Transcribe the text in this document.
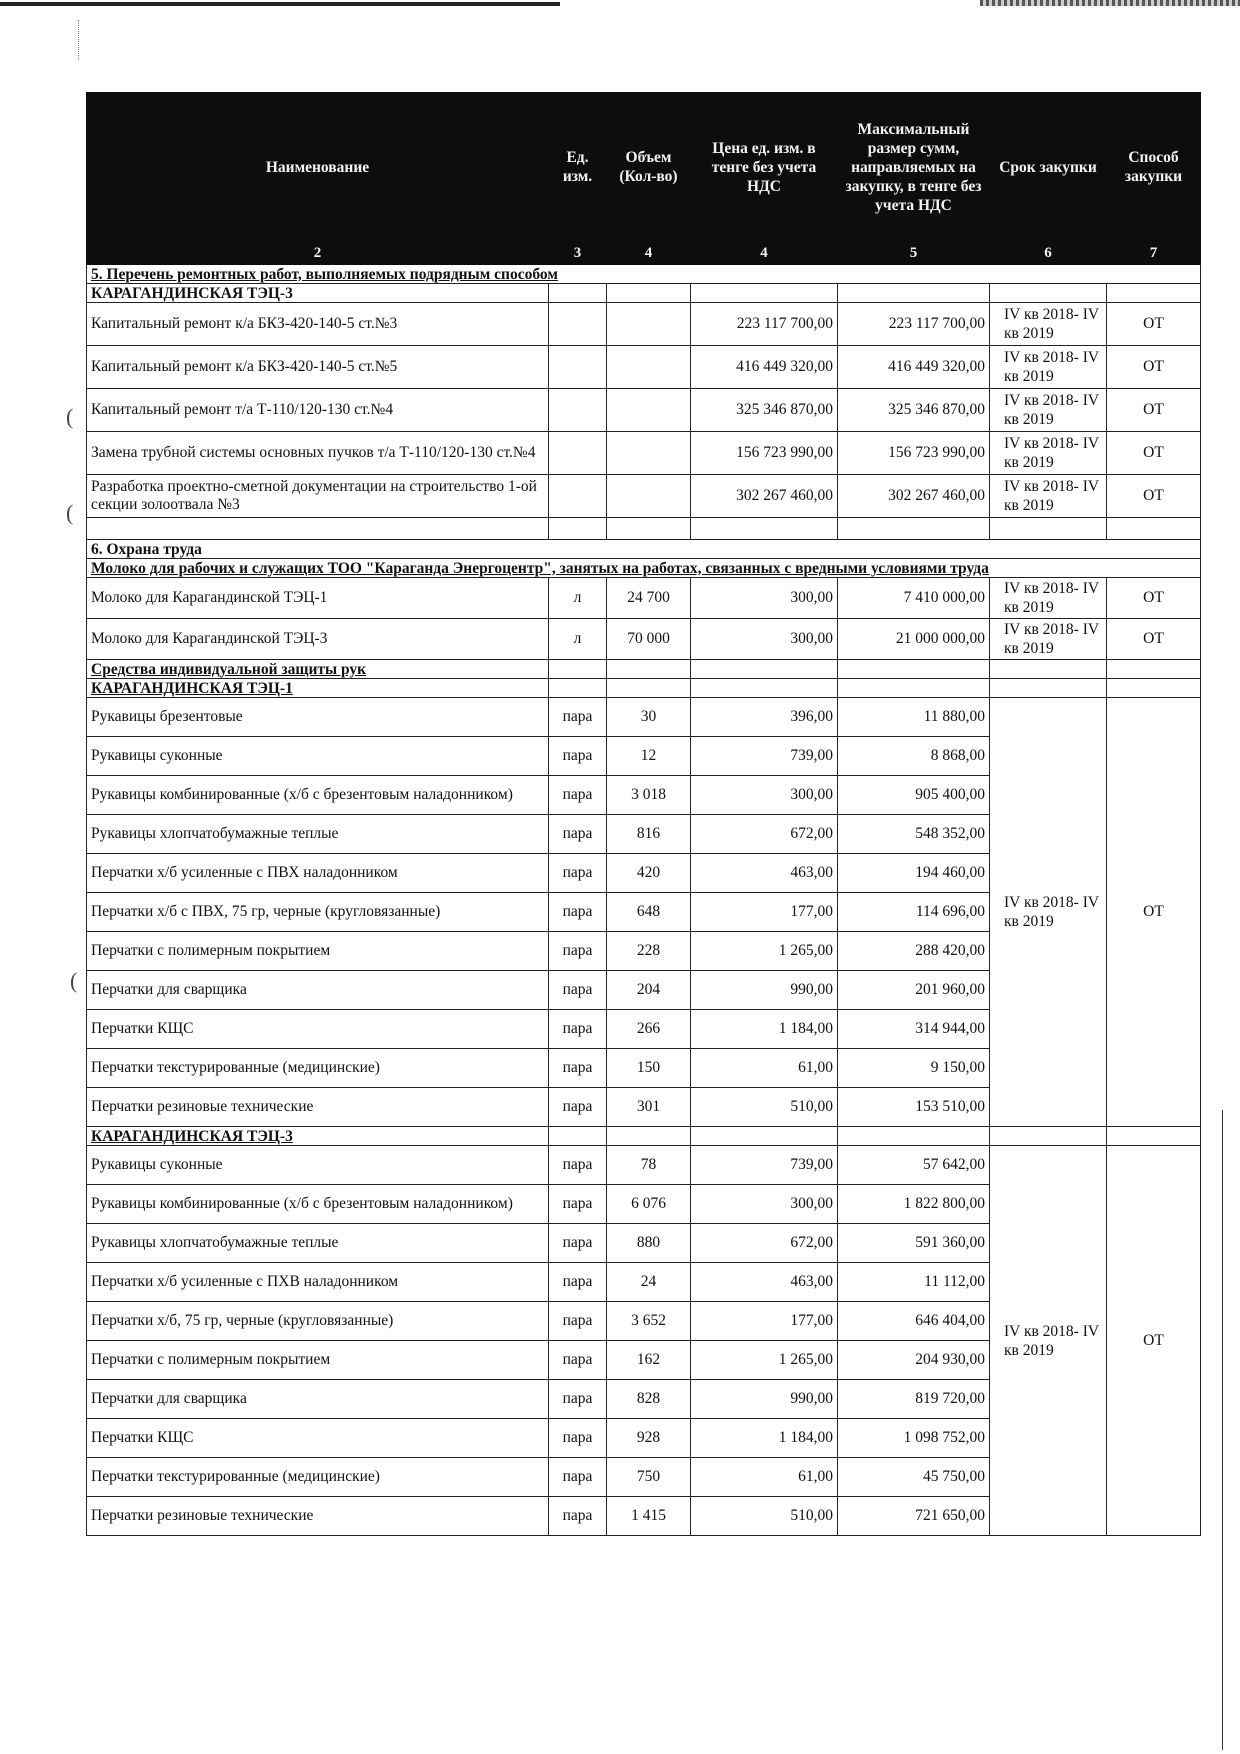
(
(
(
Наименование	Ед. изм.	Объем (Кол-во)	Цена ед. изм. в тенге без учета НДС	Максимальный размер сумм, направляемых на закупку, в тенге без учета НДС	Срок закупки	Способ закупки
2	3	4	4	5	6	7
5. Перечень ремонтных работ, выполняемых подрядным способом						
КАРАГАНДИНСКАЯ ТЭЦ-3						
Капитальный ремонт к/а БКЗ-420-140-5 ст.№3			223 117 700,00	223 117 700,00	IV кв 2018- IV кв 2019	ОТ
Капитальный ремонт к/а БКЗ-420-140-5 ст.№5			416 449 320,00	416 449 320,00	IV кв 2018- IV кв 2019	ОТ
Капитальный ремонт т/а Т-110/120-130 ст.№4			325 346 870,00	325 346 870,00	IV кв 2018- IV кв 2019	ОТ
Замена трубной системы основных пучков т/а Т-110/120-130 ст.№4			156 723 990,00	156 723 990,00	IV кв 2018- IV кв 2019	ОТ
Разработка проектно-сметной документации на строительство 1-ой секции золоотвала №3			302 267 460,00	302 267 460,00	IV кв 2018- IV кв 2019	ОТ

6. Охрана труда						
Молоко для рабочих и служащих ТОО "Караганда Энергоцентр", занятых на работах, связанных с вредными условиями труда						
Молоко для Карагандинской ТЭЦ-1	л	24 700	300,00	7 410 000,00	IV кв 2018- IV кв 2019	ОТ
Молоко для Карагандинской ТЭЦ-3	л	70 000	300,00	21 000 000,00	IV кв 2018- IV кв 2019	ОТ
Средства индивидуальной защиты рук						
КАРАГАНДИНСКАЯ ТЭЦ-1						
Рукавицы брезентовые	пара	30	396,00	11 880,00	IV кв 2018- IV кв 2019	ОТ
Рукавицы суконные	пара	12	739,00	8 868,00		
Рукавицы комбинированные (х/б с брезентовым наладонником)	пара	3 018	300,00	905 400,00		
Рукавицы хлопчатобумажные теплые	пара	816	672,00	548 352,00		
Перчатки х/б усиленные с ПВХ наладонником	пара	420	463,00	194 460,00		
Перчатки х/б с ПВХ, 75 гр, черные (кругловязанные)	пара	648	177,00	114 696,00		
Перчатки с полимерным покрытием	пара	228	1 265,00	288 420,00		
Перчатки для сварщика	пара	204	990,00	201 960,00		
Перчатки КЩС	пара	266	1 184,00	314 944,00		
Перчатки текстурированные (медицинские)	пара	150	61,00	9 150,00		
Перчатки резиновые технические	пара	301	510,00	153 510,00		
КАРАГАНДИНСКАЯ ТЭЦ-3						
Рукавицы суконные	пара	78	739,00	57 642,00	IV кв 2018- IV кв 2019	ОТ
Рукавицы комбинированные (х/б с брезентовым наладонником)	пара	6 076	300,00	1 822 800,00		
Рукавицы хлопчатобумажные теплые	пара	880	672,00	591 360,00		
Перчатки х/б усиленные с ПХВ наладонником	пара	24	463,00	11 112,00		
Перчатки х/б, 75 гр, черные (кругловязанные)	пара	3 652	177,00	646 404,00		
Перчатки с полимерным покрытием	пара	162	1 265,00	204 930,00		
Перчатки для сварщика	пара	828	990,00	819 720,00		
Перчатки КЩС	пара	928	1 184,00	1 098 752,00		
Перчатки текстурированные (медицинские)	пара	750	61,00	45 750,00		
Перчатки резиновые технические	пара	1 415	510,00	721 650,00		
